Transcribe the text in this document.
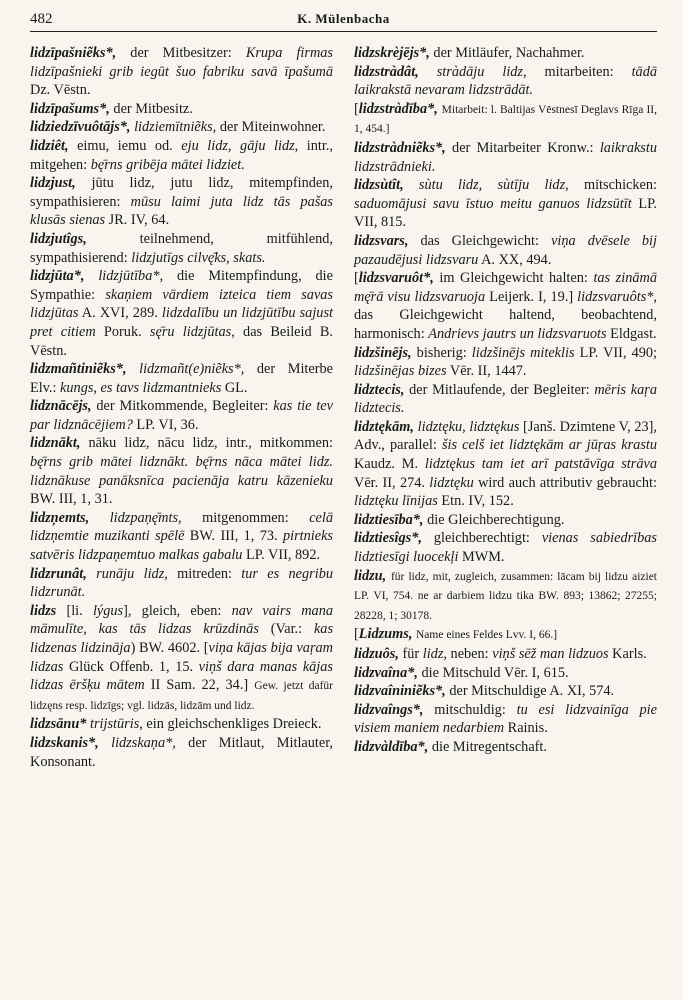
482	K. Mülenbacha

lidzīpašniẽks*, der Mitbesitzer: Krupa firmas lidzīpašnieki grib iegūt šuo fabriku savā īpašumā Dz. Vēstn.

lidzīpašums*, der Mitbesitz.

lidziedzīvuôtājs*, lidziemītniẽks, der Miteinwohner.

lidziêt, eimu, iemu od. eju lidz, gāju lidz, intr., mitgehen: bę̄rns gribēja mātei lidziet.

lidzjust, jūtu lidz, jutu lidz, mitempfinden, sympathisieren: mūsu laimi juta lidz tās pašas klusās sienas JR. IV, 64.

lidzjutîgs, teilnehmend, mitfühlend, sympathisierend: lidzjutīgs cilvę̄ks, skats.

lidzjūta*, lidzjūtība*, die Mitempfindung, die Sympathie: skaņiem vārdiem izteica tiem savas lidzjūtas A. XVI, 289. lidzdalību un lidzjūtību sajust pret citiem Poruk. sę̄ru lidzjūtas, das Beileid B. Vēstn.

lidzmañtiniẽks*, lidzmañt(e)niẽks*, der Miterbe Elv.: kungs, es tavs lidzmantnieks GL.

lidznācējs, der Mitkommende, Begleiter: kas tie tev par lidznācējiem? LP. VI, 36.

lidznākt, nāku lidz, nācu lidz, intr., mitkommen: bę̄rns grib mātei lidznākt. bę̄rns nāca mātei lidz. lidznākuse panāksnīca pacienāja katru kāzenieku BW. III, 1, 31.

lidzņemts, lidzpaņę̄mts, mitgenommen: celā lidzņemtie muzikanti spēlē BW. III, 1, 73. pirtnieks satvēris lidzpaņemtuo malkas gabalu LP. VII, 892.

lidzrunât, runāju lidz, mitreden: tur es negribu lidzrunāt.

lidzs [li. lýgus], gleich, eben: nav vairs mana māmulīte, kas tās lidzas krūzdinās (Var.: kas lidzenas lidzināja) BW. 4602. [viņa kājas bija vaŗam lidzas Glück Offenb. 1, 15. viņš dara manas kājas lidzas ēršķu mātem II Sam. 22, 34.] Gew. jetzt dafür lidzęns resp. lidzīgs; vgl. lidzās, lidzām und lidz.

lidzsānu* trijstūris, ein gleichschenkliges Dreieck.

lidzskanis*, lidzskaņa*, der Mitlaut, Mitlauter, Konsonant.

lidzskrèjējs*, der Mitläufer, Nachahmer.

lidzstràdât, stràdāju lidz, mitarbeiten: tādā laikrakstā nevaram lidzstrādāt.

[lidzstràdība*, Mitarbeit: l. Baltijas Vēstnesī Deglavs Rīga II, 1, 454.]

lidzstràdniẽks*, der Mitarbeiter Kronw.: laikrakstu lidzstrādnieki.

lidzsùtît, sùtu lidz, sùtīju lidz, mitschicken: saduomājusi savu īstuo meitu ganuos lidzsūtīt LP. VII, 815.

lidzsvars, das Gleichgewicht: viņa dvēsele bij pazaudējusi lidzsvaru A. XX, 494.

[lidzsvaruôt*, im Gleichgewicht halten: tas zināmā mę̄rā visu lidzsvaruoja Leijerk. I, 19.] lidzsvaruôts*, das Gleichgewicht haltend, beobachtend, harmonisch: Andrievs jautrs un lidzsvaruots Eldgast.

lidzšinējs, bisherig: lidzšinējs miteklis LP. VII, 490; lidzšinējas bizes Vēr. II, 1447.

lidztecis, der Mitlaufende, der Begleiter: mēris kaŗa lidztecis.

lidztękām, lidztęku, lidztękus [Janš. Dzimtene V, 23], Adv., parallel: šis celš iet lidztękām ar jūŗas krastu Kaudz. M. lidztękus tam iet arī patstāvīga strāva Vēr. II, 274. lidztęku wird auch attributiv gebraucht: lidztęku līnijas Etn. IV, 152.

lidztiesība*, die Gleichberechtigung.

lidztiesîgs*, gleichberechtigt: vienas sabiedrības lidztiesīgi luocekļi MWM.

lidzu, für lidz, mit, zugleich, zusammen: lācam bij lidzu aiziet LP. VI, 754. ne ar darbiem lidzu tika BW. 893; 13862; 27255; 28228, 1; 30178.

[Lidzums, Name eines Feldes Lvv. I, 66.]

lidzuôs, für lidz, neben: viņš sēž man lidzuos Karls.

lidzvaîna*, die Mitschuld Vēr. I, 615.

lidzvaîniniẽks*, der Mitschuldige A. XI, 574.

lidzvaîngs*, mitschuldig: tu esi lidzvainīga pie visiem maniem nedarbiem Rainis.

lidzvàldība*, die Mitregentschaft.
